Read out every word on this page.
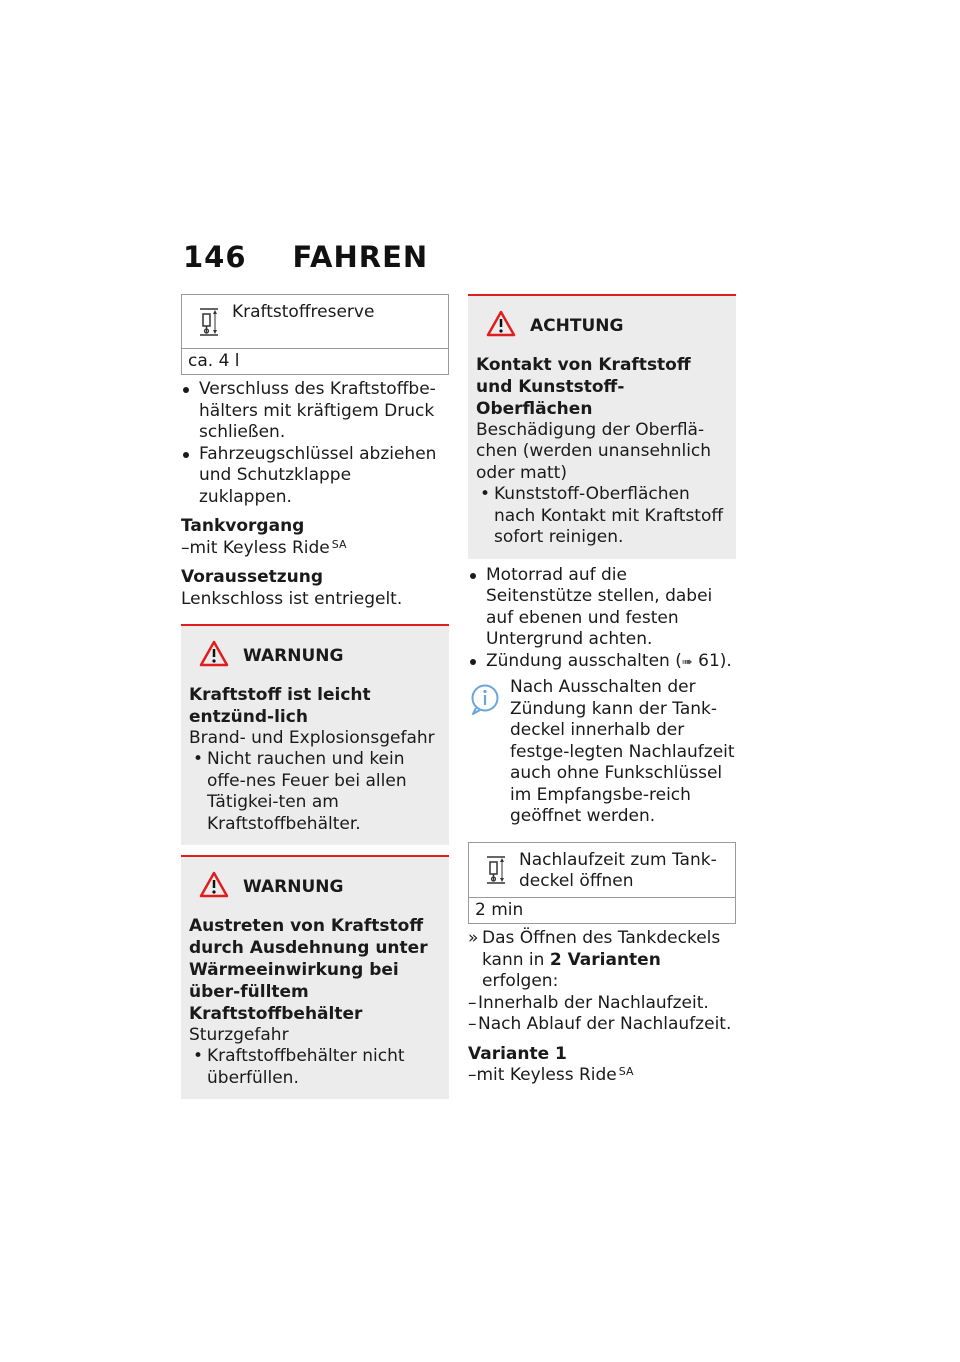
146 FAHREN
Kraftstoffreserve
ca. 4 l

Verschluss des Kraftstoffbe-hälters mit kräftigem Druck schließen.

Fahrzeugschlüssel abziehen und Schutzklappe zuklappen.

Tankvorgang

–mit Keyless Ride $^{SA}$

Voraussetzung

Lenkschloss ist entriegelt.

WARNUNG

Kraftstoff ist leicht entzünd-lich

Brand- und Explosionsgefahr

• Nicht rauchen und kein offe-nes Feuer bei allen Tätigkei-ten am Kraftstoffbehälter.

WARNUNG

Austreten von Kraftstoff durch Ausdehnung unter Wärmeeinwirkung bei über-fülltem Kraftstoffbehälter

Sturzgefahr

• Kraftstoffbehälter nicht überfüllen.

ACHTUNG

Kontakt von Kraftstoff und Kunststoff-Oberflächen

Beschädigung der Oberflä-chen (werden unansehnlich oder matt)

• Kunststoff-Oberflächen nach Kontakt mit Kraftstoff sofort reinigen.

Motorrad auf die Seitenstütze stellen, dabei auf ebenen und festen Untergrund achten.

Zündung ausschalten (➠ 61).

Nach Ausschalten der Zündung kann der Tank-deckel innerhalb der festge-legten Nachlaufzeit auch ohne Funkschlüssel im Empfangsbe-reich geöffnet werden.

Nachlaufzeit zum Tank-deckel öffnen
2 min

» Das Öffnen des Tankdeckels kann in 2 Varianten erfolgen:

– Innerhalb der Nachlaufzeit.

– Nach Ablauf der Nachlaufzeit.

Variante 1

–mit Keyless Ride $^{SA}$
